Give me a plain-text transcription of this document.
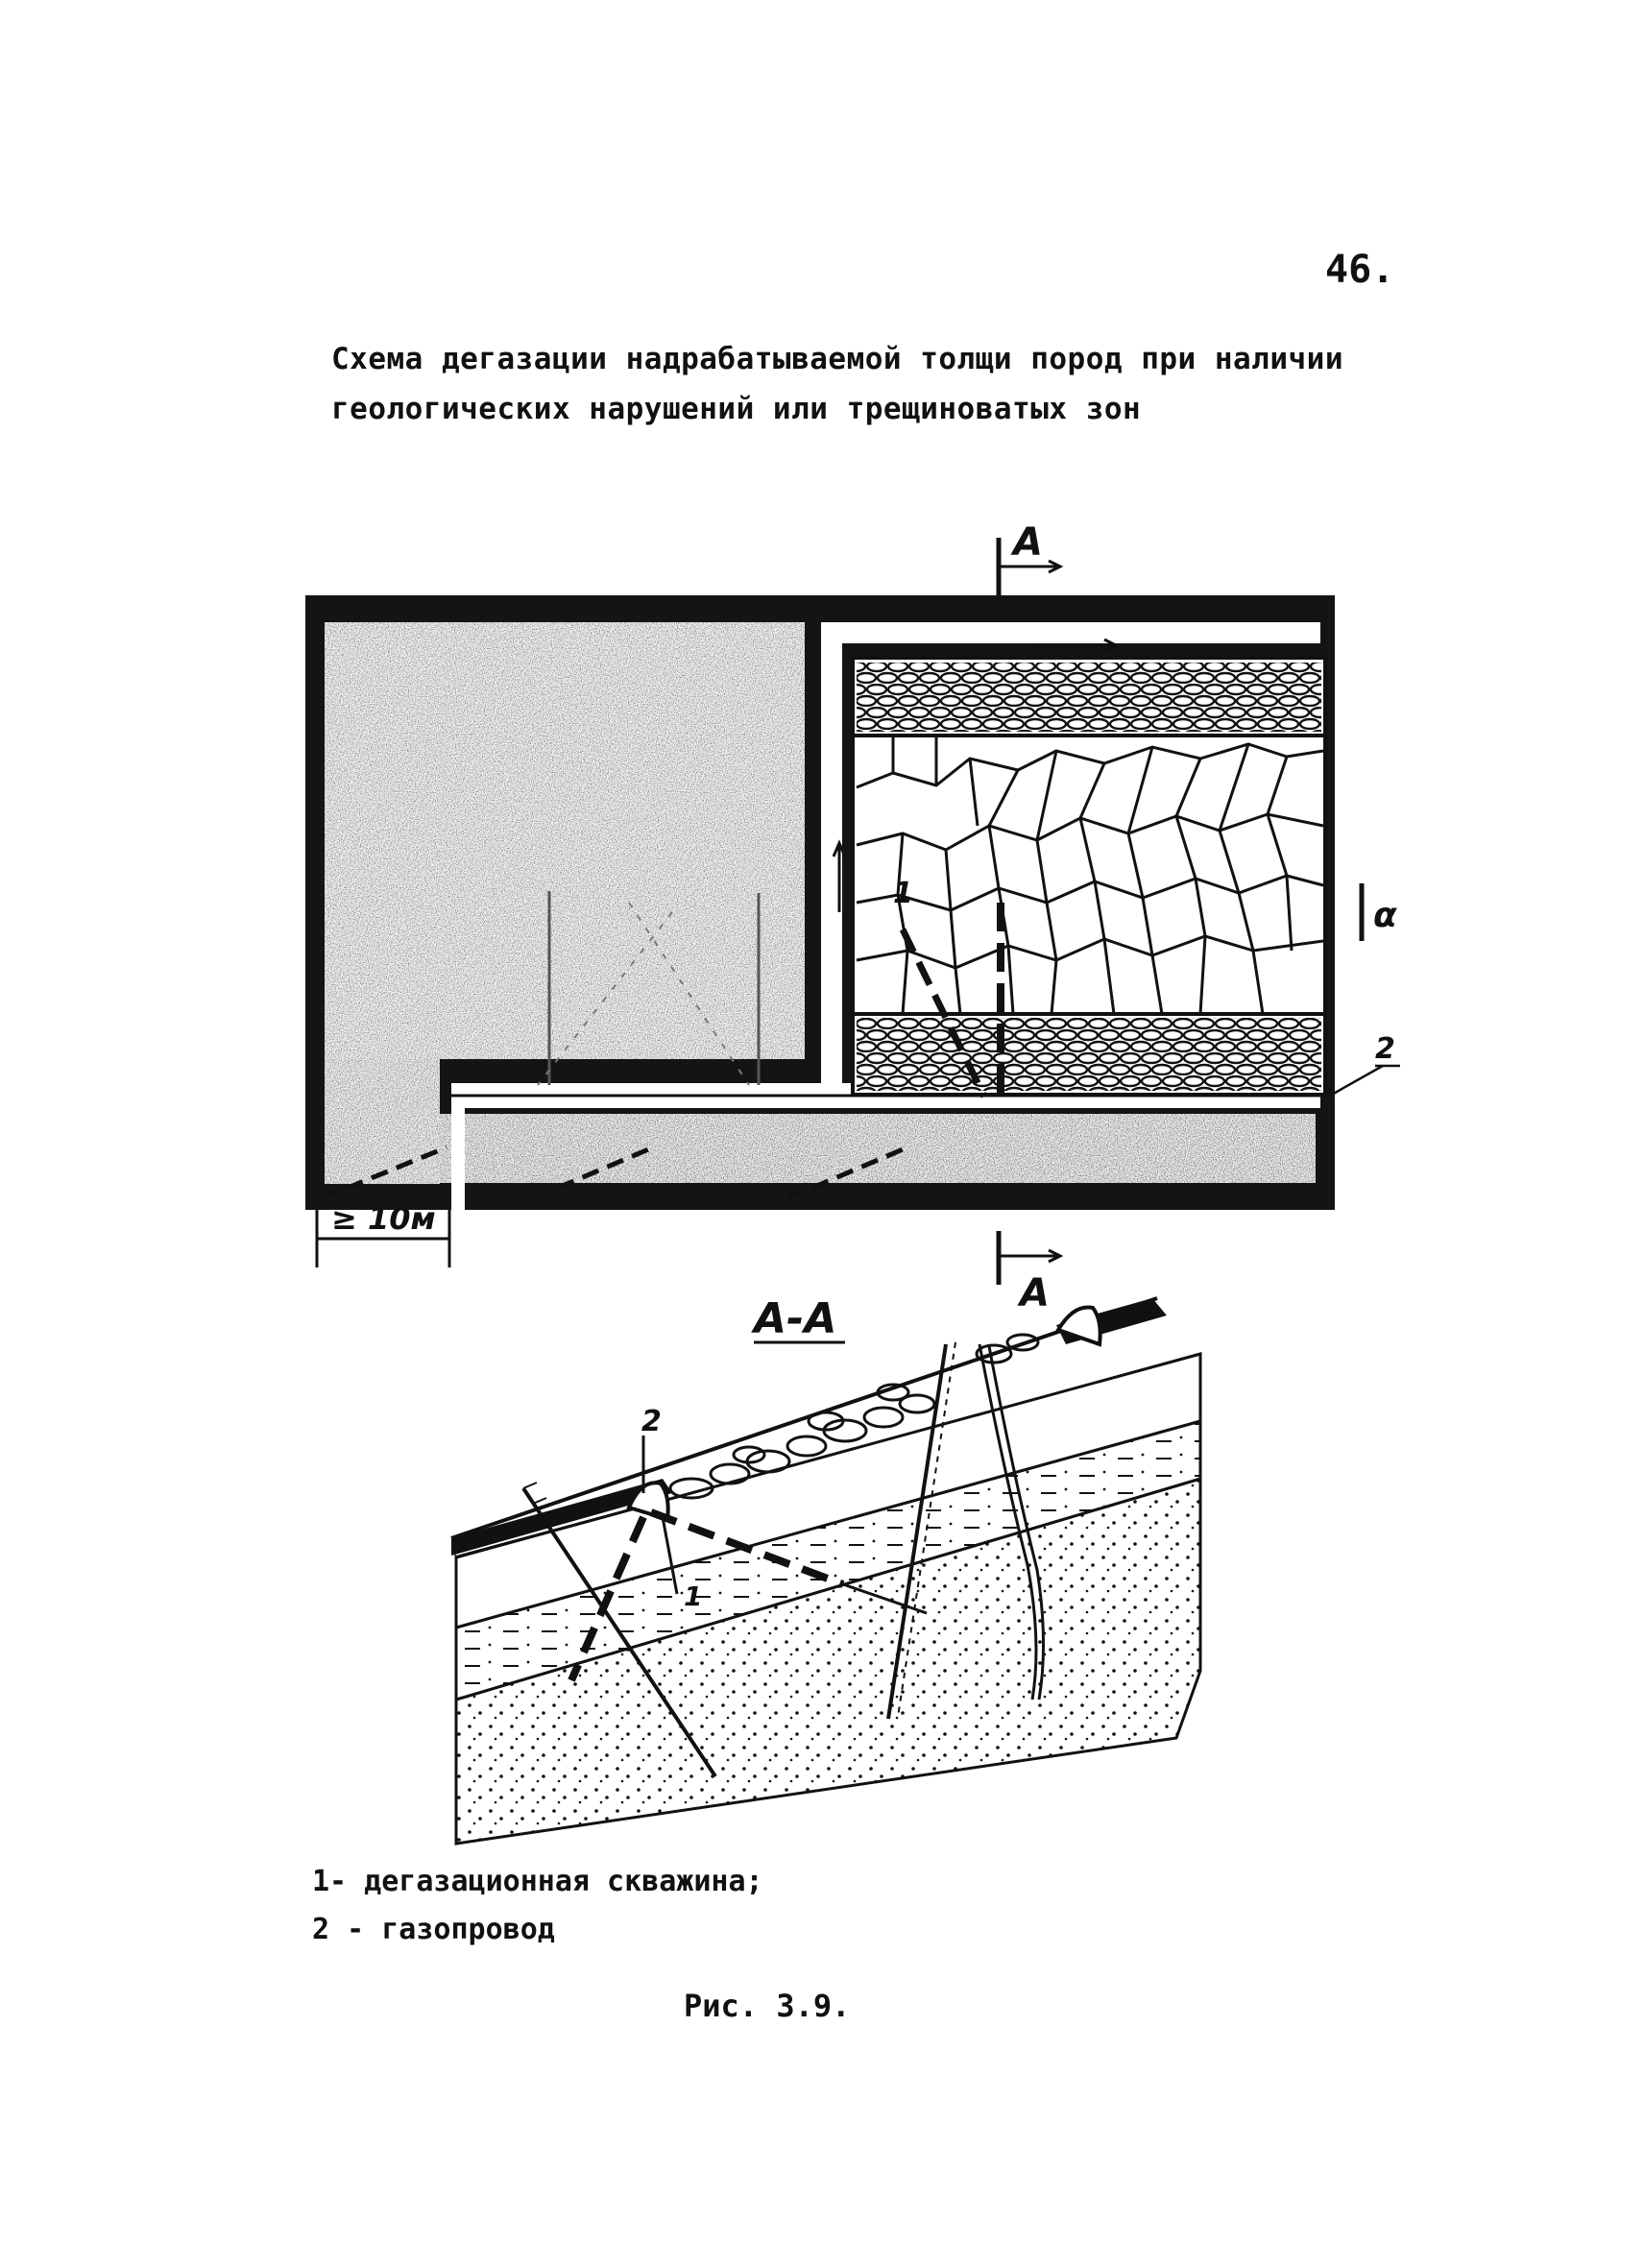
46.
Схема дегазации надрабатываемой толщи пород при наличии
геологических нарушений или трещиноватых зон
А
А
α
1
2
≥ 10м
А-А
2
1
1- дегазационная скважина;
2 - газопровод
Рис. 3.9.
